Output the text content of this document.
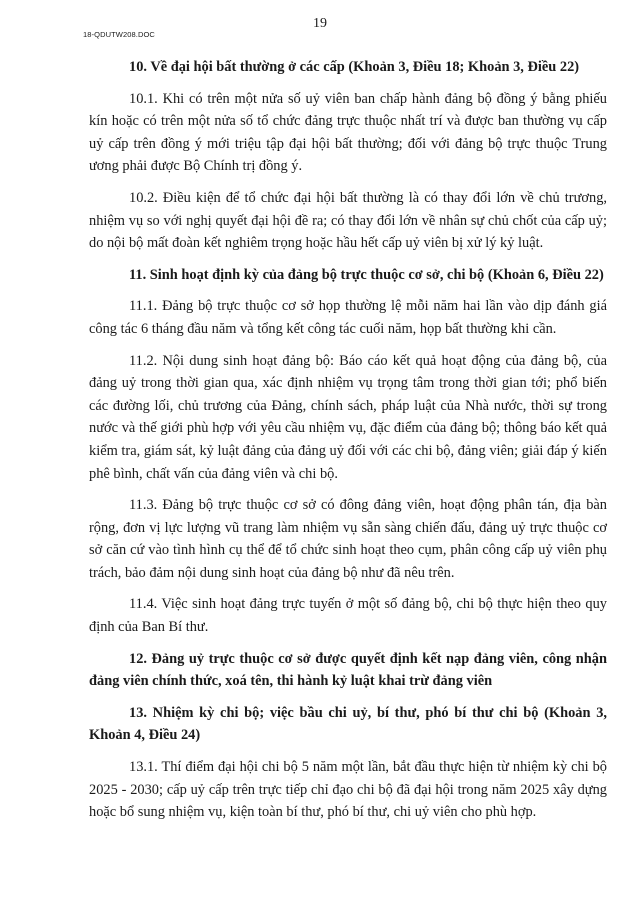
19
18-QDUTW208.DOC

10. Về đại hội bất thường ở các cấp (Khoản 3, Điều 18; Khoản 3, Điều 22)

10.1. Khi có trên một nửa số uỷ viên ban chấp hành đảng bộ đồng ý bằng phiếu kín hoặc có trên một nửa số tổ chức đảng trực thuộc nhất trí và được ban thường vụ cấp uỷ cấp trên đồng ý mới triệu tập đại hội bất thường; đối với đảng bộ trực thuộc Trung ương phải được Bộ Chính trị đồng ý.

10.2. Điều kiện để tổ chức đại hội bất thường là có thay đổi lớn về chủ trương, nhiệm vụ so với nghị quyết đại hội đề ra; có thay đổi lớn về nhân sự chủ chốt của cấp uỷ; do nội bộ mất đoàn kết nghiêm trọng hoặc hầu hết cấp uỷ viên bị xử lý kỷ luật.

11. Sinh hoạt định kỳ của đảng bộ trực thuộc cơ sở, chi bộ (Khoản 6, Điều 22)

11.1. Đảng bộ trực thuộc cơ sở họp thường lệ mỗi năm hai lần vào dịp đánh giá công tác 6 tháng đầu năm và tổng kết công tác cuối năm, họp bất thường khi cần.

11.2. Nội dung sinh hoạt đảng bộ: Báo cáo kết quả hoạt động của đảng bộ, của đảng uỷ trong thời gian qua, xác định nhiệm vụ trọng tâm trong thời gian tới; phổ biến các đường lối, chủ trương của Đảng, chính sách, pháp luật của Nhà nước, thời sự trong nước và thế giới phù hợp với yêu cầu nhiệm vụ, đặc điểm của đảng bộ; thông báo kết quả kiểm tra, giám sát, kỷ luật đảng của đảng uỷ đối với các chi bộ, đảng viên; giải đáp ý kiến phê bình, chất vấn của đảng viên và chi bộ.

11.3. Đảng bộ trực thuộc cơ sở có đông đảng viên, hoạt động phân tán, địa bàn rộng, đơn vị lực lượng vũ trang làm nhiệm vụ sẵn sàng chiến đấu, đảng uỷ trực thuộc cơ sở căn cứ vào tình hình cụ thể để tổ chức sinh hoạt theo cụm, phân công cấp uỷ viên phụ trách, bảo đảm nội dung sinh hoạt của đảng bộ như đã nêu trên.

11.4. Việc sinh hoạt đảng trực tuyến ở một số đảng bộ, chi bộ thực hiện theo quy định của Ban Bí thư.

12. Đảng uỷ trực thuộc cơ sở được quyết định kết nạp đảng viên, công nhận đảng viên chính thức, xoá tên, thi hành kỷ luật khai trừ đảng viên

13. Nhiệm kỳ chi bộ; việc bầu chi uỷ, bí thư, phó bí thư chi bộ (Khoản 3, Khoản 4, Điều 24)

13.1. Thí điểm đại hội chi bộ 5 năm một lần, bắt đầu thực hiện từ nhiệm kỳ chi bộ 2025 - 2030; cấp uỷ cấp trên trực tiếp chỉ đạo chi bộ đã đại hội trong năm 2025 xây dựng hoặc bổ sung nhiệm vụ, kiện toàn bí thư, phó bí thư, chi uỷ viên cho phù hợp.
